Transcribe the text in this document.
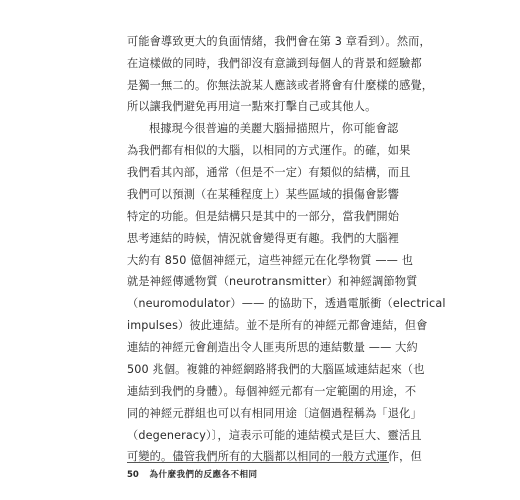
可能會導致更大的負面情緒，我們會在第 3 章看到）。然而，
在這樣做的同時，我們卻沒有意識到每個人的背景和經驗都
是獨一無二的。你無法說某人應該或者將會有什麼樣的感覺，
所以讓我們避免再用這一點來打擊自己或其他人。
根據現今很普遍的美麗大腦掃描照片，你可能會認
為我們都有相似的大腦，以相同的方式運作。的確，如果
我們看其內部，通常（但是不一定）有類似的結構，而且
我們可以預測（在某種程度上）某些區域的損傷會影響
特定的功能。但是結構只是其中的一部分，當我們開始
思考連結的時候，情況就會變得更有趣。我們的大腦裡
大約有 850 億個神經元，這些神經元在化學物質 —— 也
就是神經傳遞物質（neurotransmitter）和神經調節物質
（neuromodulator）—— 的協助下，透過電脈衝（electrical
impulses）彼此連結。並不是所有的神經元都會連結，但會
連結的神經元會創造出令人匪夷所思的連結數量 —— 大約
500 兆個。複雜的神經網路將我們的大腦區域連結起來（也
連結到我們的身體）。每個神經元都有一定範圍的用途，不
同的神經元群組也可以有相同用途〔這個過程稱為「退化」
（degeneracy）〕，這表示可能的連結模式是巨大、靈活且
可變的。儘管我們所有的大腦都以相同的一般方式運作，但
50 為什麼我們的反應各不相同
